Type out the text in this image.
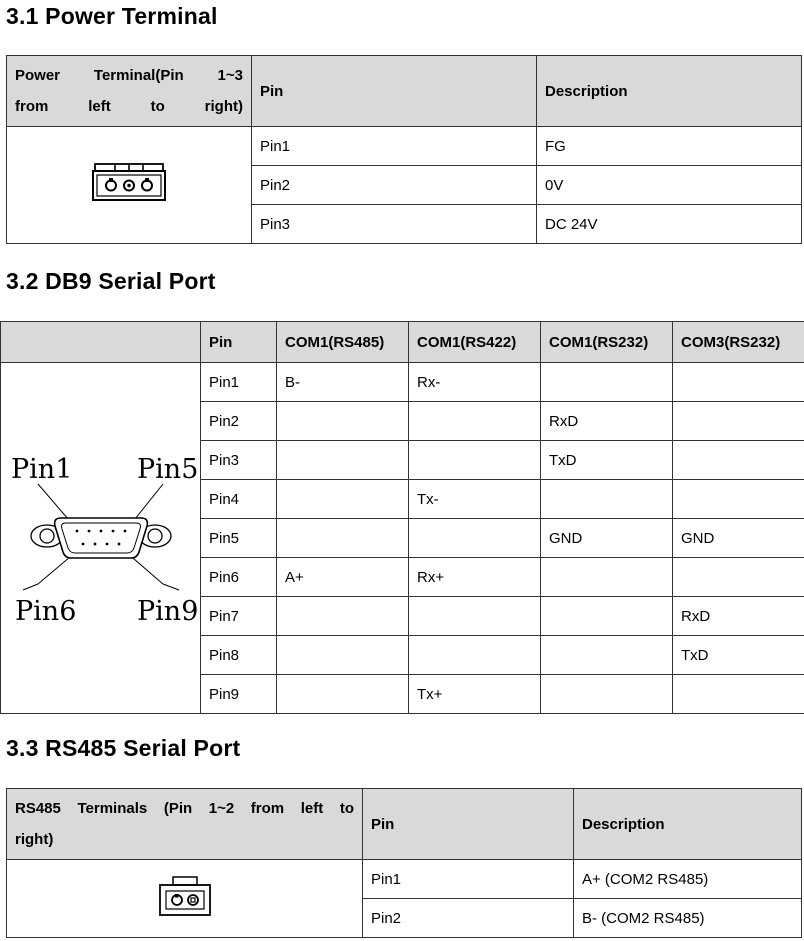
3.1 Power Terminal
Power Terminal(Pin 1~3
from left to right)	Pin	Description
	Pin1	FG
	Pin2	0V
	Pin3	DC 24V
3.2 DB9 Serial Port
	Pin	COM1(RS485)	COM1(RS422)	COM1(RS232)	COM3(RS232)

Pin1 Pin5
Pin6 Pin9	Pin1	B-	Rx-		
	Pin2			RxD	
	Pin3			TxD	
	Pin4		Tx-		
	Pin5			GND	GND
	Pin6	A+	Rx+		
	Pin7				RxD
	Pin8				TxD
	Pin9		Tx+		
3.3 RS485 Serial Port
RS485 Terminals (Pin 1~2 from left to
right)	Pin	Description
	Pin1	A+ (COM2 RS485)
	Pin2	B- (COM2 RS485)
